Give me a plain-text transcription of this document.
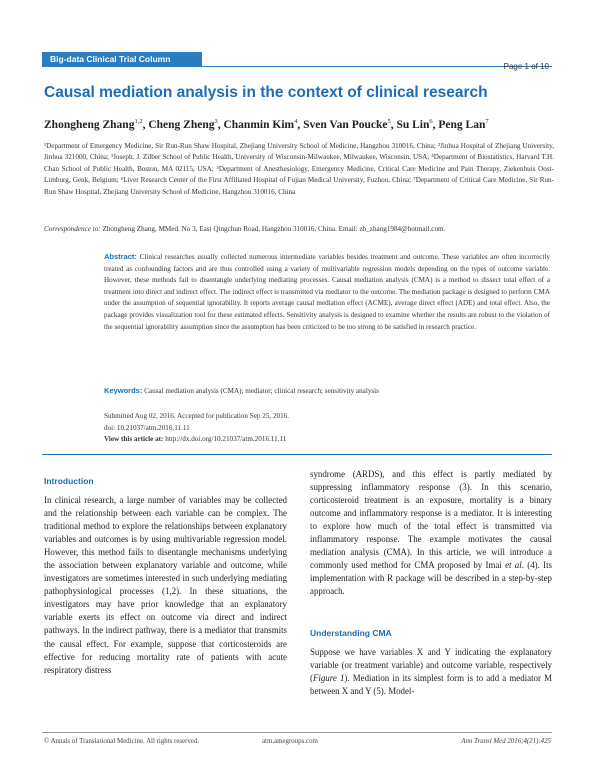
Big-data Clinical Trial Column
Page 1 of 10
Causal mediation analysis in the context of clinical research
Zhongheng Zhang$^{1,2}$, Cheng Zheng$^3$, Chanmin Kim$^4$, Sven Van Poucke$^5$, Su Lin$^6$, Peng Lan$^7$

¹Department of Emergency Medicine, Sir Run-Run Shaw Hospital, Zhejiang University School of Medicine, Hangzhou 310016, China; ²Jinhua Hospital of Zhejiang University, Jinhua 321000, China; ³Joseph. J. Zilber School of Public Health, University of Wisconsin-Milwaukee, Milwaukee, Wisconsin, USA; ⁴Department of Biostatistics, Harvard T.H. Chan School of Public Health, Boston, MA 02115, USA; ⁵Department of Anesthesiology, Emergency Medicine, Critical Care Medicine and Pain Therapy, Ziekenhuis Oost-Limburg, Genk, Belgium; ⁶Liver Research Center of the First Affiliated Hospital of Fujian Medical University, Fuzhou, China; ⁷Department of Critical Care Medicine, Sir Run-Run Shaw Hospital, Zhejiang University School of Medicine, Hangzhou 310016, China

Correspondence to: Zhongheng Zhang, MMed. No 3, East Qingchun Road, Hangzhou 310016, China. Email: zh_zhang1984@hotmail.com.
Abstract: Clinical researches usually collected numerous intermediate variables besides treatment and outcome. These variables are often incorrectly treated as confounding factors and are thus controlled using a variety of multivariable regression models depending on the types of outcome variable. However, these methods fail to disentangle underlying mediating processes. Causal mediation analysis (CMA) is a method to dissect total effect of a treatment into direct and indirect effect. The indirect effect is transmitted via mediator to the outcome. The mediation package is designed to perform CMA under the assumption of sequential ignorability. It reports average causal mediation effect (ACME), average direct effect (ADE) and total effect. Also, the package provides visualization tool for these estimated effects. Sensitivity analysis is designed to examine whether the results are robust to the violation of the sequential ignorability assumption since the assumption has been criticized to be too strong to be satisfied in research practice.
Keywords: Causal mediation analysis (CMA); mediator; clinical research; sensitivity analysis
Submitted Aug 02, 2016. Accepted for publication Sep 25, 2016.
doi: 10.21037/atm.2016.11.11
View this article at: http://dx.doi.org/10.21037/atm.2016.11.11
Introduction

In clinical research, a large number of variables may be collected and the relationship between each variable can be complex. The traditional method to explore the relationships between explanatory variables and outcomes is by using multivariable regression model. However, this method fails to disentangle mechanisms underlying the association between explanatory variable and outcome, while investigators are sometimes interested in such underlying mediating pathophysiological processes (1,2). In these situations, the investigators may have prior knowledge that an explanatory variable exerts its effect on outcome via direct and indirect pathways. In the indirect pathway, there is a mediator that transmits the causal effect. For example, suppose that corticosteroids are effective for reducing mortality rate of patients with acute respiratory distress

syndrome (ARDS), and this effect is partly mediated by suppressing inflammatory response (3). In this scenario, corticosteroid treatment is an exposure, mortality is a binary outcome and inflammatory response is a mediator. It is interesting to explore how much of the total effect is transmitted via inflammatory response. The example motivates the causal mediation analysis (CMA). In this article, we will introduce a commonly used method for CMA proposed by Imai et al. (4). Its implementation with R package will be described in a step-by-step approach.

Understanding CMA

Suppose we have variables X and Y indicating the explanatory variable (or treatment variable) and outcome variable, respectively (Figure 1). Mediation in its simplest form is to add a mediator M between X and Y (5). Model-

© Annals of Translational Medicine. All rights reserved.	atm.amegroups.com	Ann Transl Med 2016;4(21):425
